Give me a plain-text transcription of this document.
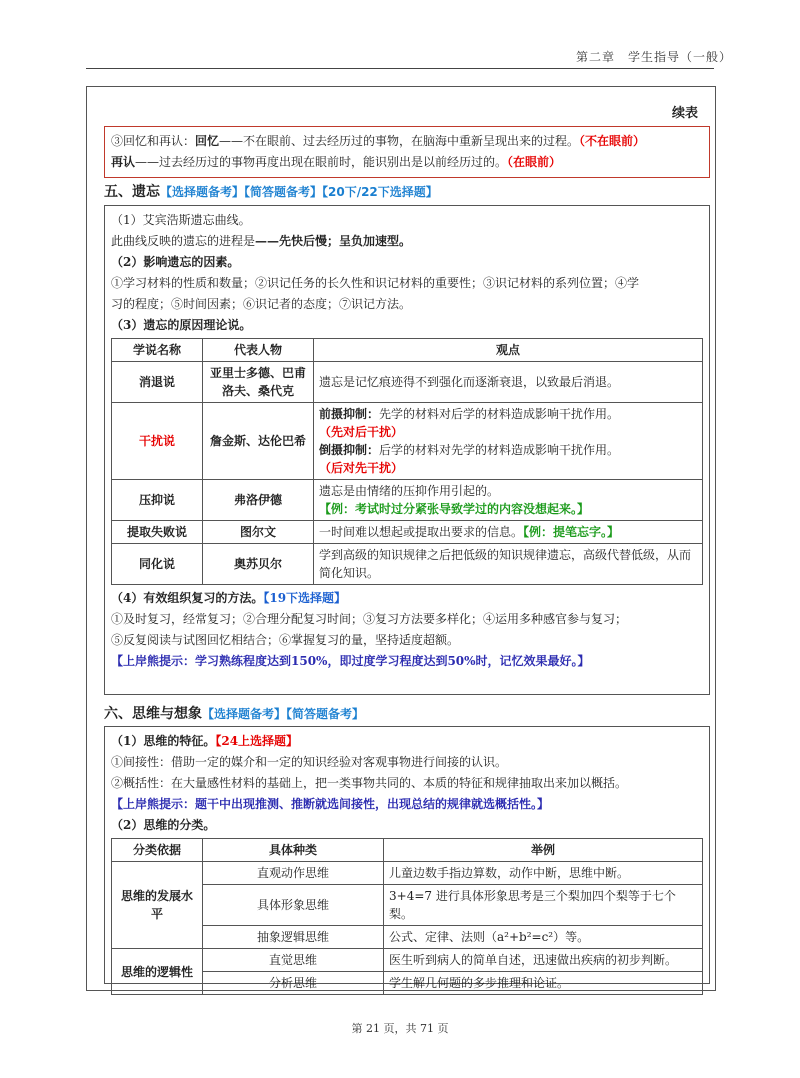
第二章　学生指导（一般）
续表
③回忆和再认：回忆——不在眼前、过去经历过的事物，在脑海中重新呈现出来的过程。（不在眼前）
再认——过去经历过的事物再度出现在眼前时，能识别出是以前经历过的。（在眼前）
五、遗忘【选择题备考】【简答题备考】【20下/22下选择题】
（1）艾宾浩斯遗忘曲线。
此曲线反映的遗忘的进程是——先快后慢；呈负加速型。
（2）影响遗忘的因素。
①学习材料的性质和数量；②识记任务的长久性和识记材料的重要性；③识记材料的系列位置；④学
习的程度；⑤时间因素；⑥识记者的态度；⑦识记方法。
（3）遗忘的原因理论说。
学说名称	代表人物	观点
消退说	亚里士多德、巴甫洛夫、桑代克	遗忘是记忆痕迹得不到强化而逐渐衰退，以致最后消退。
干扰说	詹金斯、达伦巴希	前摄抑制：先学的材料对后学的材料造成影响干扰作用。（先对后干扰）
倒摄抑制：后学的材料对先学的材料造成影响干扰作用。（后对先干扰）

压抑说	弗洛伊德	遗忘是由情绪的压抑作用引起的。
【例：考试时过分紧张导致学过的内容没想起来。】

提取失败说	图尔文	一时间难以想起或提取出要求的信息。【例：提笔忘字。】
同化说	奥苏贝尔	学到高级的知识规律之后把低级的知识规律遗忘，高级代替低级，从而简化知识。
（4）有效组织复习的方法。【19下选择题】
①及时复习，经常复习；②合理分配复习时间；③复习方法要多样化；④运用多种感官参与复习；
⑤反复阅读与试图回忆相结合；⑥掌握复习的量，坚持适度超额。
【上岸熊提示：学习熟练程度达到150%，即过度学习程度达到50%时，记忆效果最好。】
六、思维与想象【选择题备考】【简答题备考】
（1）思维的特征。【24上选择题】
①间接性：借助一定的媒介和一定的知识经验对客观事物进行间接的认识。
②概括性：在大量感性材料的基础上，把一类事物共同的、本质的特征和规律抽取出来加以概括。
【上岸熊提示：题干中出现推测、推断就选间接性，出现总结的规律就选概括性。】
（2）思维的分类。
分类依据	具体种类	举例
思维的发展水平	直观动作思维	儿童边数手指边算数，动作中断，思维中断。
	具体形象思维	3+4=7 进行具体形象思考是三个梨加四个梨等于七个梨。
	抽象逻辑思维	公式、定律、法则（a²+b²=c²）等。
思维的逻辑性	直觉思维	医生听到病人的简单自述，迅速做出疾病的初步判断。
	分析思维	学生解几何题的多步推理和论证。
第 21 页，共 71 页
